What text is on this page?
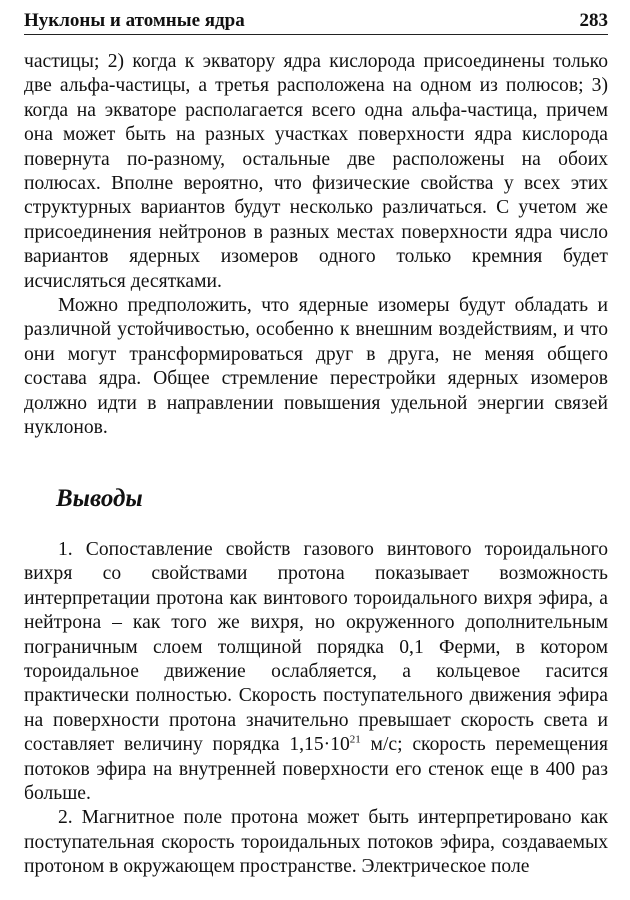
Нуклоны и атомные ядра	283

частицы; 2) когда к экватору ядра кислорода присоединены только две альфа-частицы, а третья расположена на одном из полюсов; 3) когда на экваторе располагается всего одна альфа-частица, причем она может быть на разных участках поверхности ядра кислорода повернута по-разному, остальные две расположены на обоих полюсах. Вполне вероятно, что физические свойства у всех этих структурных вариантов будут несколько различаться. С учетом же присоединения нейтронов в разных местах поверхности ядра число вариантов ядерных изомеров одного только кремния будет исчисляться десятками.

Можно предположить, что ядерные изомеры будут обладать и различной устойчивостью, особенно к внешним воздействиям, и что они могут трансформироваться друг в друга, не меняя общего состава ядра. Общее стремление перестройки ядерных изомеров должно идти в направлении повышения удельной энергии связей нуклонов.

Выводы

1. Сопоставление свойств газового винтового тороидального вихря со свойствами протона показывает возможность интерпретации протона как винтового тороидального вихря эфира, а нейтрона – как того же вихря, но окруженного дополнительным пограничным слоем толщиной порядка 0,1 Ферми, в котором тороидальное движение ослабляется, а кольцевое гасится практически полностью. Скорость поступательного движения эфира на поверхности протона значительно превышает скорость света и составляет величину порядка $1,15\cdot 10^{21}$ м/с; скорость перемещения потоков эфира на внутренней поверхности его стенок еще в 400 раз больше.

2. Магнитное поле протона может быть интерпретировано как поступательная скорость тороидальных потоков эфира, создаваемых протоном в окружающем пространстве. Электрическое поле
